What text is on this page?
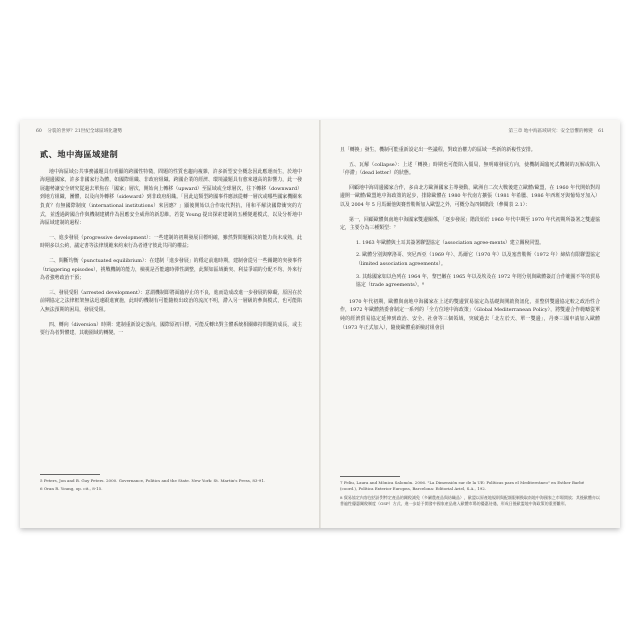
60 分裂的世界？21世紀全球區域化趨勢
貳、地中海區域建制

地中海區域公共事務議題具有明顯的跨國性特徵，問題的性質也趨向複雜，許多新型安全概念因此應運而生，於地中海週邊國家，許多非國家行為體，如國際組織、非政府組織、跨國企業的經濟、環境議題具有愈來越高的影響力，此一發展趨勢讓安全研究從過去單焦在「國家」層次，開始向上轉移（upward）至區域或全球層次，往下轉移（downward）到地方組織，團體，以及向外轉移（sideward）到非政府組織。「因此這類型跨國事件應該從轉一層次或哪些國家機關來負責？有無國際制度（international institutions）來因應？」顯後開始以合作取代對抗，用和平解決國際衝突的方式，並透過跨國合作與機制建構作為因應安全威脅的新思維。若從 Young 提出探索建制的五種變遷模式，以及分析地中海區域建制的過程：

一、進步發展（progressive development）：一些建制的初期發展目標明確，雖然對問題解決的能力尚未成熟，此時期多以公約，議定書等法律規範來約束行為者遵守彼此共同的權益；

二、間斷均衡（punctuated equilibrium）：在建制「進步發展」的穩定前進時期，建制會從另一些關鍵的突發事件（triggering episodes），挑戰機制的能力，檢視是否能適時彈性調整，此類如區域衝突、利益爭端的分配不均、外來行為者強勢政治干預；

三、發展受阻（arrested development）：意謂機制即將面臨停止的不良，進而造成改進一步發展的障礙，原因在於前期協定之法律框架無法迅速跟進實施，此時的機制有可能隨較出政治的流沉不明，滯入另一層級的參與模式，也可能陷入無法預期的困局，發展受阻。

四、轉向（diversion）時期：建制重新設定落向，國際原初目標，可能反轉出對主體系統相關維持問題的成長，或主要行為者對體建，其範圍域的轉變。一

5 Peters, Jon and B. Guy Peters. 2000. Governance, Politics and the State. New York: St. Martin's Press, 83-91.
6 Oran R. Young, op. cit., 8-15.
第三章 地中海區域研究：安全恐懼的轉變 61

且「轉換」發生，機制可能重新設定出一些議程，對政治權力的區域一些新的新複性安排。

五、瓦解（collapse）：上述「轉換」時期也可能陷入僵局，無明確發展方向，使機制面臨死式機制的瓦解或陷入「停滯」（dead letter）的狀態。

回顧地中海周邊國家合作，多由北方歐洲國家主導發動，歐洲自二次大戰後建立歐體/歐盟，在 1960 年代開始對周邊開一歐體/歐盟地中海政策的起步，排除歐體在 1980 年代南方擴張（1981 年希臘、1986 年西班牙與葡萄牙加入）以及 2004 年 5 月馬爾他與賽普勒斯加入歐盟之外，可概分為四個階段（參閱表 2.1）：

第一，回顧歐體與南地中海國家雙邊關係，「逐步發展」階段始於 1960 年代中期至 1970 年代初期所簽署之雙邊協定，主要分為三種類型：⁷

1. 1963 年歐體與土耳其簽署聯盟協定（association agree-ments）建立關稅同盟。
2. 歐體分別與摩洛哥、突尼西亞（1969 年）、馬爾它（1970 年）以及塞普勒斯（1972 年）締結有限聯盟協定（limited association agreements）。
3. 其餘國家如以色列在 1964 年，黎巴嫩在 1965 年以及埃及在 1972 年則分別與歐體簽訂合作範圍不等的貿易協定（trade agreements）。⁸

1970 年代初期，歐體與南地中海國家在上述的雙邊貿易協定為基礎與開啟資訊化，並整併雙邊協定較之政治性合作，1972 年歐體熱委會制定一系列的「全方位地中海政策」（Global Mediterranean Policy），將雙邊合作範疇從單純的經濟貿易協定延伸到政治、安全、社會等三個領域，突破過去「北左於天、單一雙邊」，丹麥三國申請加入歐體（1973 年正式加入），隨使歐體重新檢討組會員

7 Feliu, Laura and Mònica Salomón. 2006. "La Dimensión sur de la UE: Políticas para el Mediterráneo" en Esther Barbé (coord.), Política Exterior Europea, Barcelona: Editorial Ariel, S.A., 192.
8 貿易協定內容包括針對特定產品的關稅減免（多屬農產品與紡織品），歐盟以原產地規則與配額限制換取南地中海國家之市場開放；其後歐體亦以普遍性優惠關稅制度（GSP）方式，進一步給予開發中國家產品進入歐體市場的優惠待遇，形成日後歐盟地中海政策的重要雛形。
